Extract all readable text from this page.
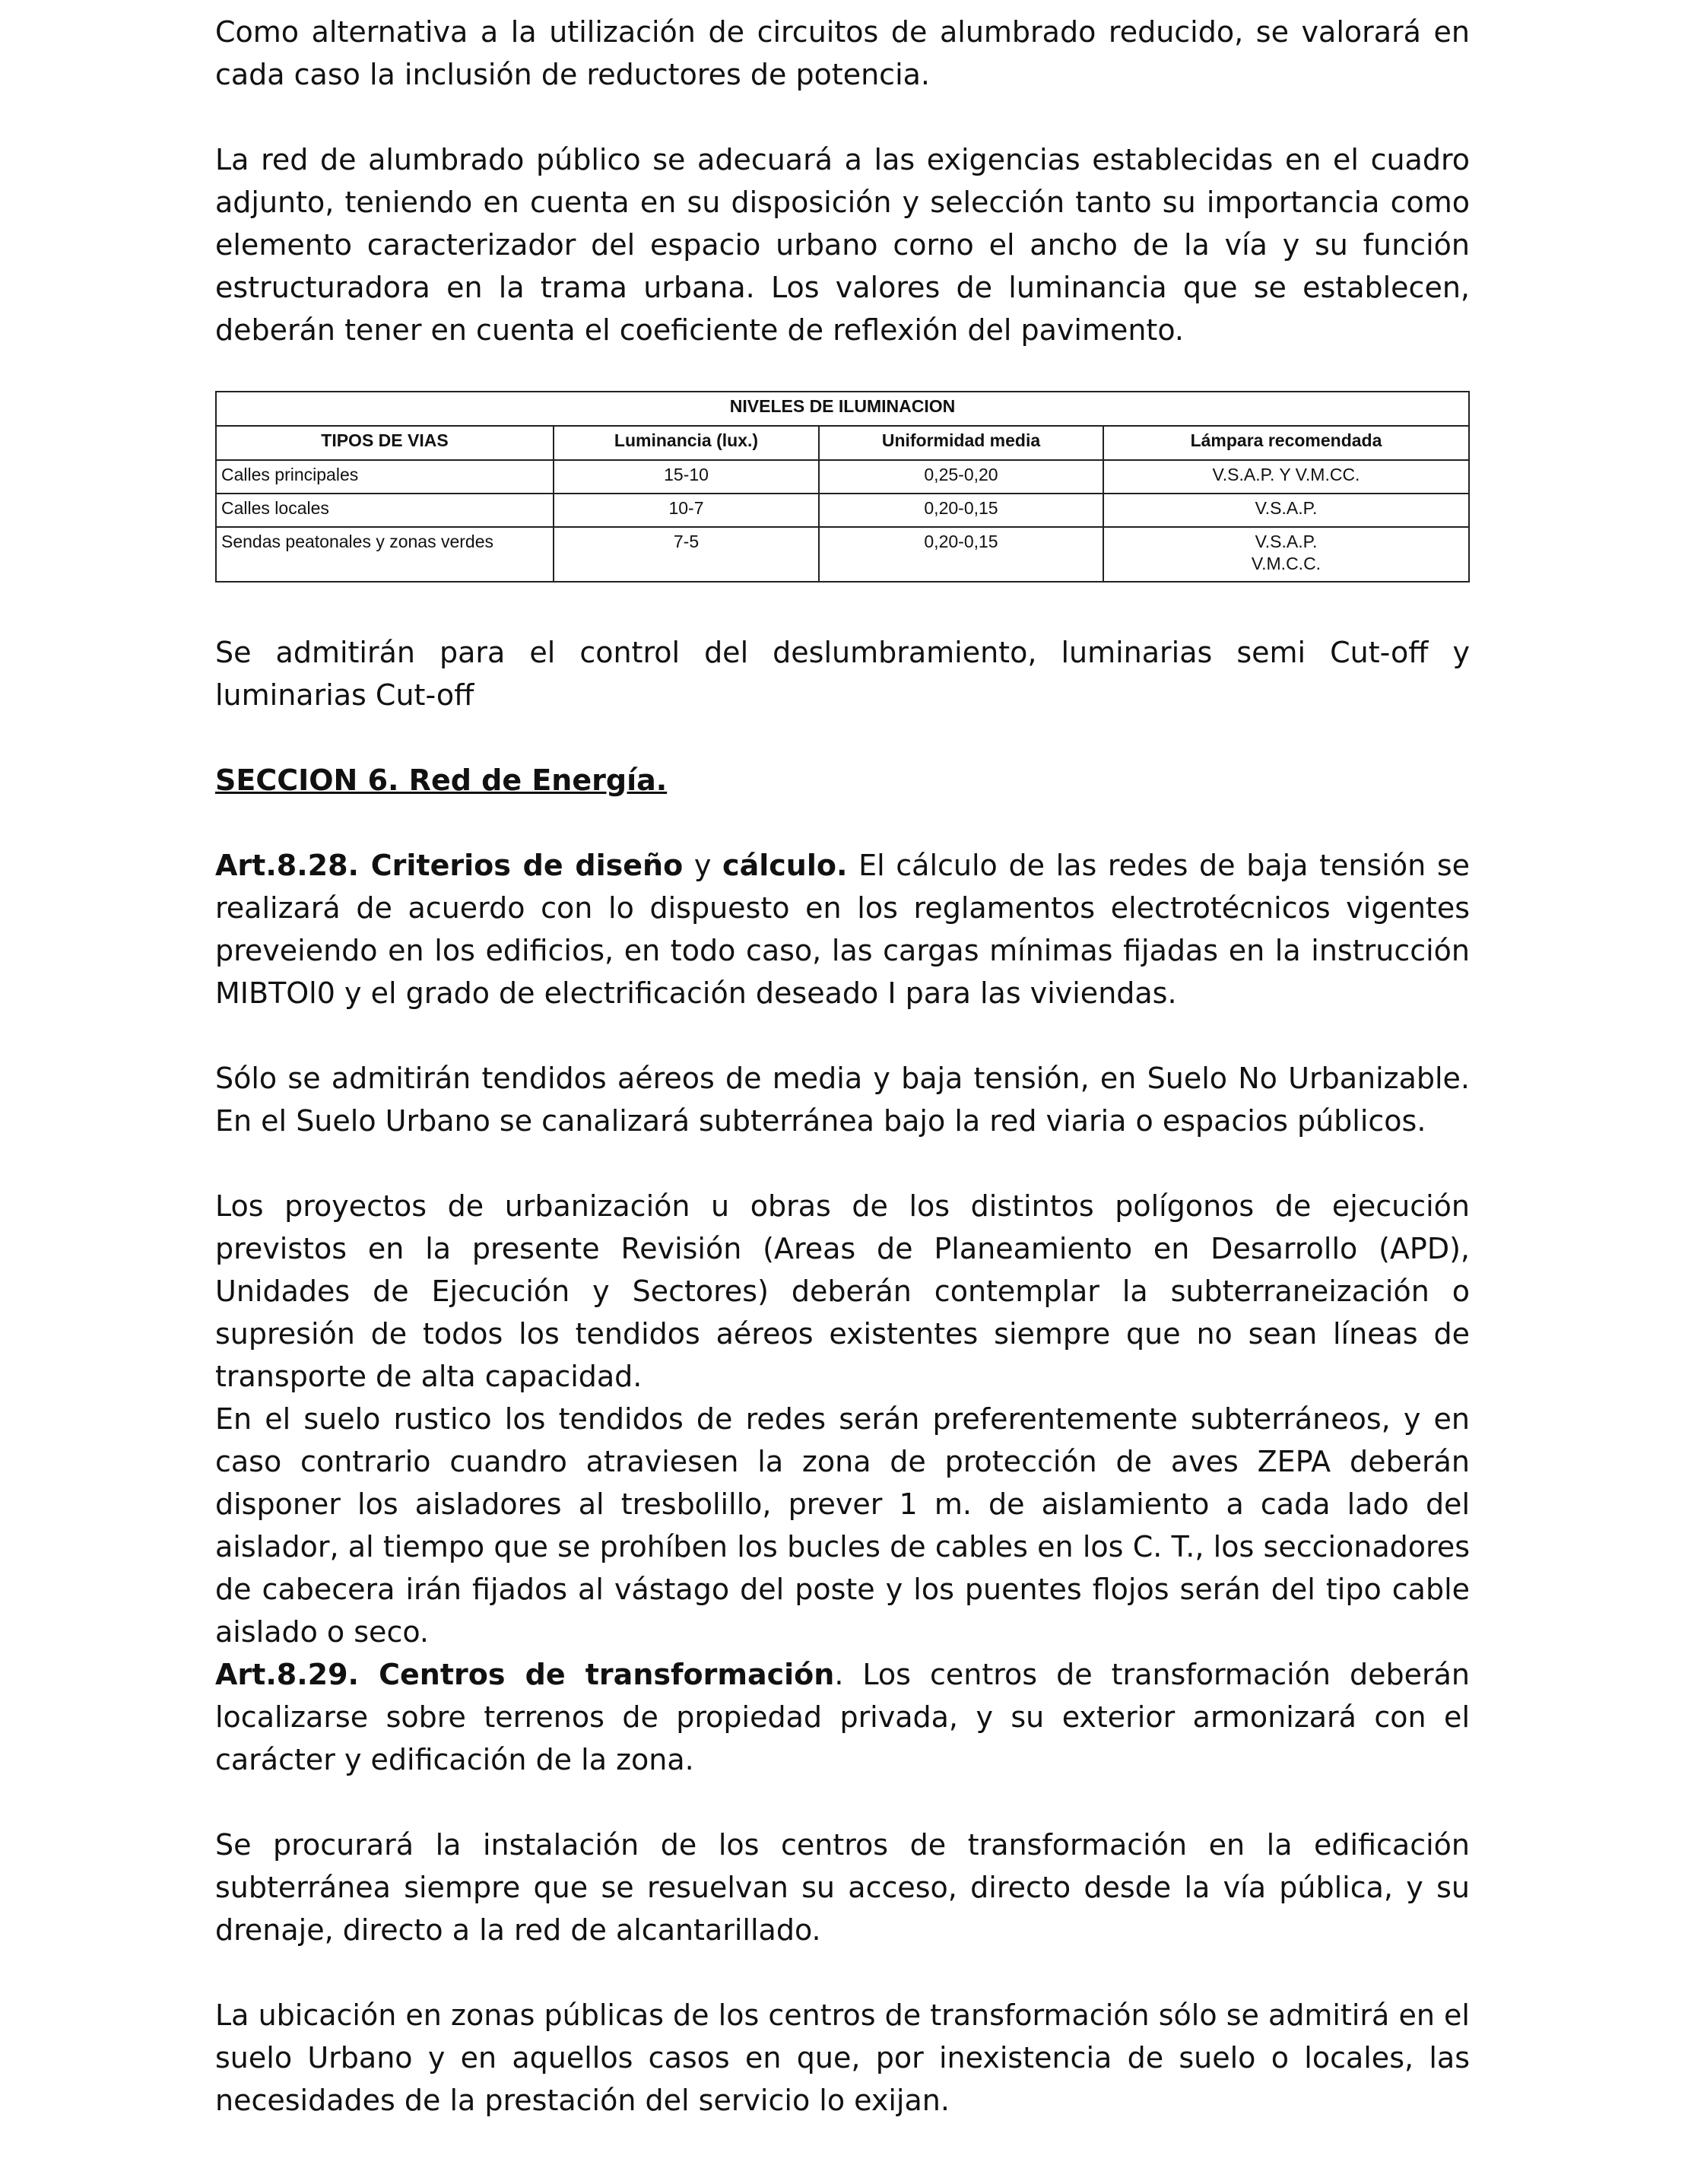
Como alternativa a la utilización de circuitos de alumbrado reducido, se valorará en cada caso la inclusión de reductores de potencia.

La red de alumbrado público se adecuará a las exigencias establecidas en el cuadro adjunto, teniendo en cuenta en su disposición y selección tanto su importancia como elemento caracterizador del espacio urbano corno el ancho de la vía y su función estructuradora en la trama urbana. Los valores de luminancia que se establecen, deberán tener en cuenta el coeficiente de reflexión del pavimento.

NIVELES DE ILUMINACION			
TIPOS DE VIAS	Luminancia (lux.)	Uniformidad media	Lámpara recomendada
Calles principales	15-10	0,25-0,20	V.S.A.P. Y V.M.CC.
Calles locales	10-7	0,20-0,15	V.S.A.P.
Sendas peatonales y zonas verdes	7-5	0,20-0,15	V.S.A.P.
V.M.C.C.

Se admitirán para el control del deslumbramiento, luminarias semi Cut-off y luminarias Cut-off

SECCION 6. Red de Energía.

Art.8.28. Criterios de diseño y cálculo. El cálculo de las redes de baja tensión se realizará de acuerdo con lo dispuesto en los reglamentos electrotécnicos vigentes preveiendo en los edificios, en todo caso, las cargas mínimas fijadas en la instrucción MIBTOl0 y el grado de electrificación deseado I para las viviendas.

Sólo se admitirán tendidos aéreos de media y baja tensión, en Suelo No Urbanizable. En el Suelo Urbano se canalizará subterránea bajo la red viaria o espacios públicos.

Los proyectos de urbanización u obras de los distintos polígonos de ejecución previstos en la presente Revisión (Areas de Planeamiento en Desarrollo (APD), Unidades de Ejecución y Sectores) deberán contemplar la subterraneización o supresión de todos los tendidos aéreos existentes siempre que no sean líneas de transporte de alta capacidad.

En el suelo rustico los tendidos de redes serán preferentemente subterráneos, y en caso contrario cuandro atraviesen la zona de protección de aves ZEPA deberán disponer los aisladores al tresbolillo, prever 1 m. de aislamiento a cada lado del aislador, al tiempo que se prohíben los bucles de cables en los C. T., los seccionadores de cabecera irán fijados al vástago del poste y los puentes flojos serán del tipo cable aislado o seco.

Art.8.29. Centros de transformación. Los centros de transformación deberán localizarse sobre terrenos de propiedad privada, y su exterior armonizará con el carácter y edificación de la zona.

Se procurará la instalación de los centros de transformación en la edificación subterránea siempre que se resuelvan su acceso, directo desde la vía pública, y su drenaje, directo a la red de alcantarillado.

La ubicación en zonas públicas de los centros de transformación sólo se admitirá en el suelo Urbano y en aquellos casos en que, por inexistencia de suelo o locales, las necesidades de la prestación del servicio lo exijan.
